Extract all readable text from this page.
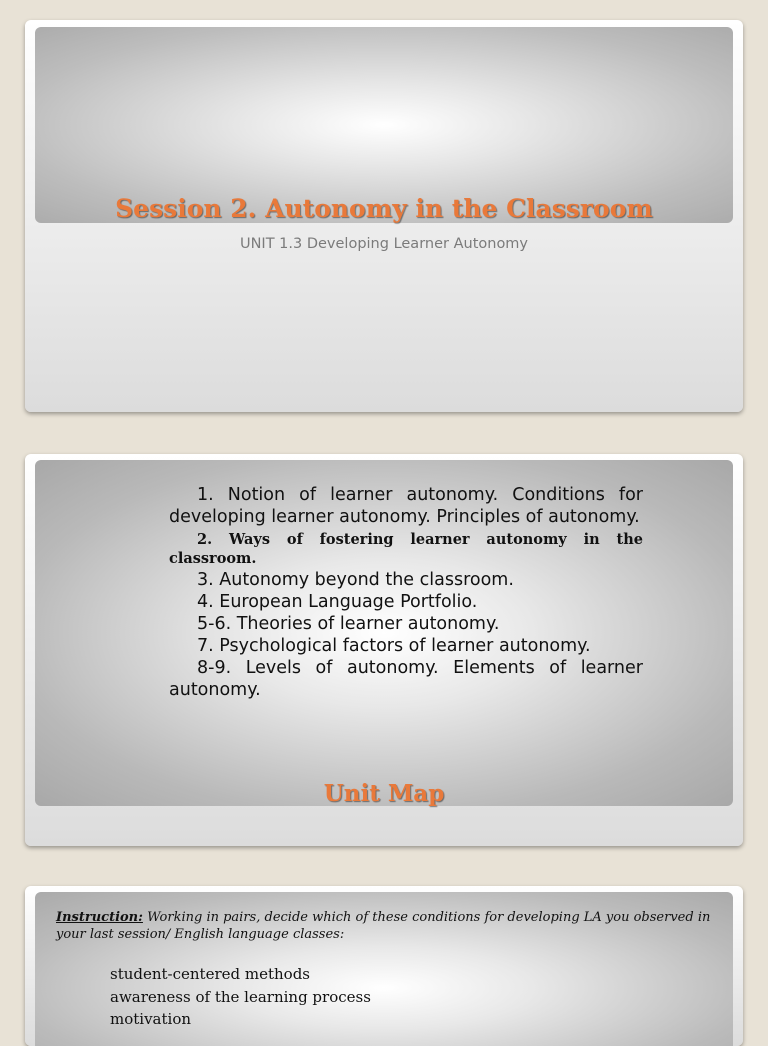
Session 2. Autonomy in the Classroom
UNIT 1.3 Developing Learner Autonomy

1. Notion of learner autonomy. Conditions for developing learner autonomy. Principles of autonomy.

2. Ways of fostering learner autonomy in the classroom.

3. Autonomy beyond the classroom.

4. European Language Portfolio.

5-6. Theories of learner autonomy.

7. Psychological factors of learner autonomy.

8-9. Levels of autonomy. Elements of learner autonomy.

Unit Map
Instruction: Working in pairs, decide which of these conditions for developing LA you observed in your last session/ English language classes:
student-centered methods
awareness of the learning process
motivation
